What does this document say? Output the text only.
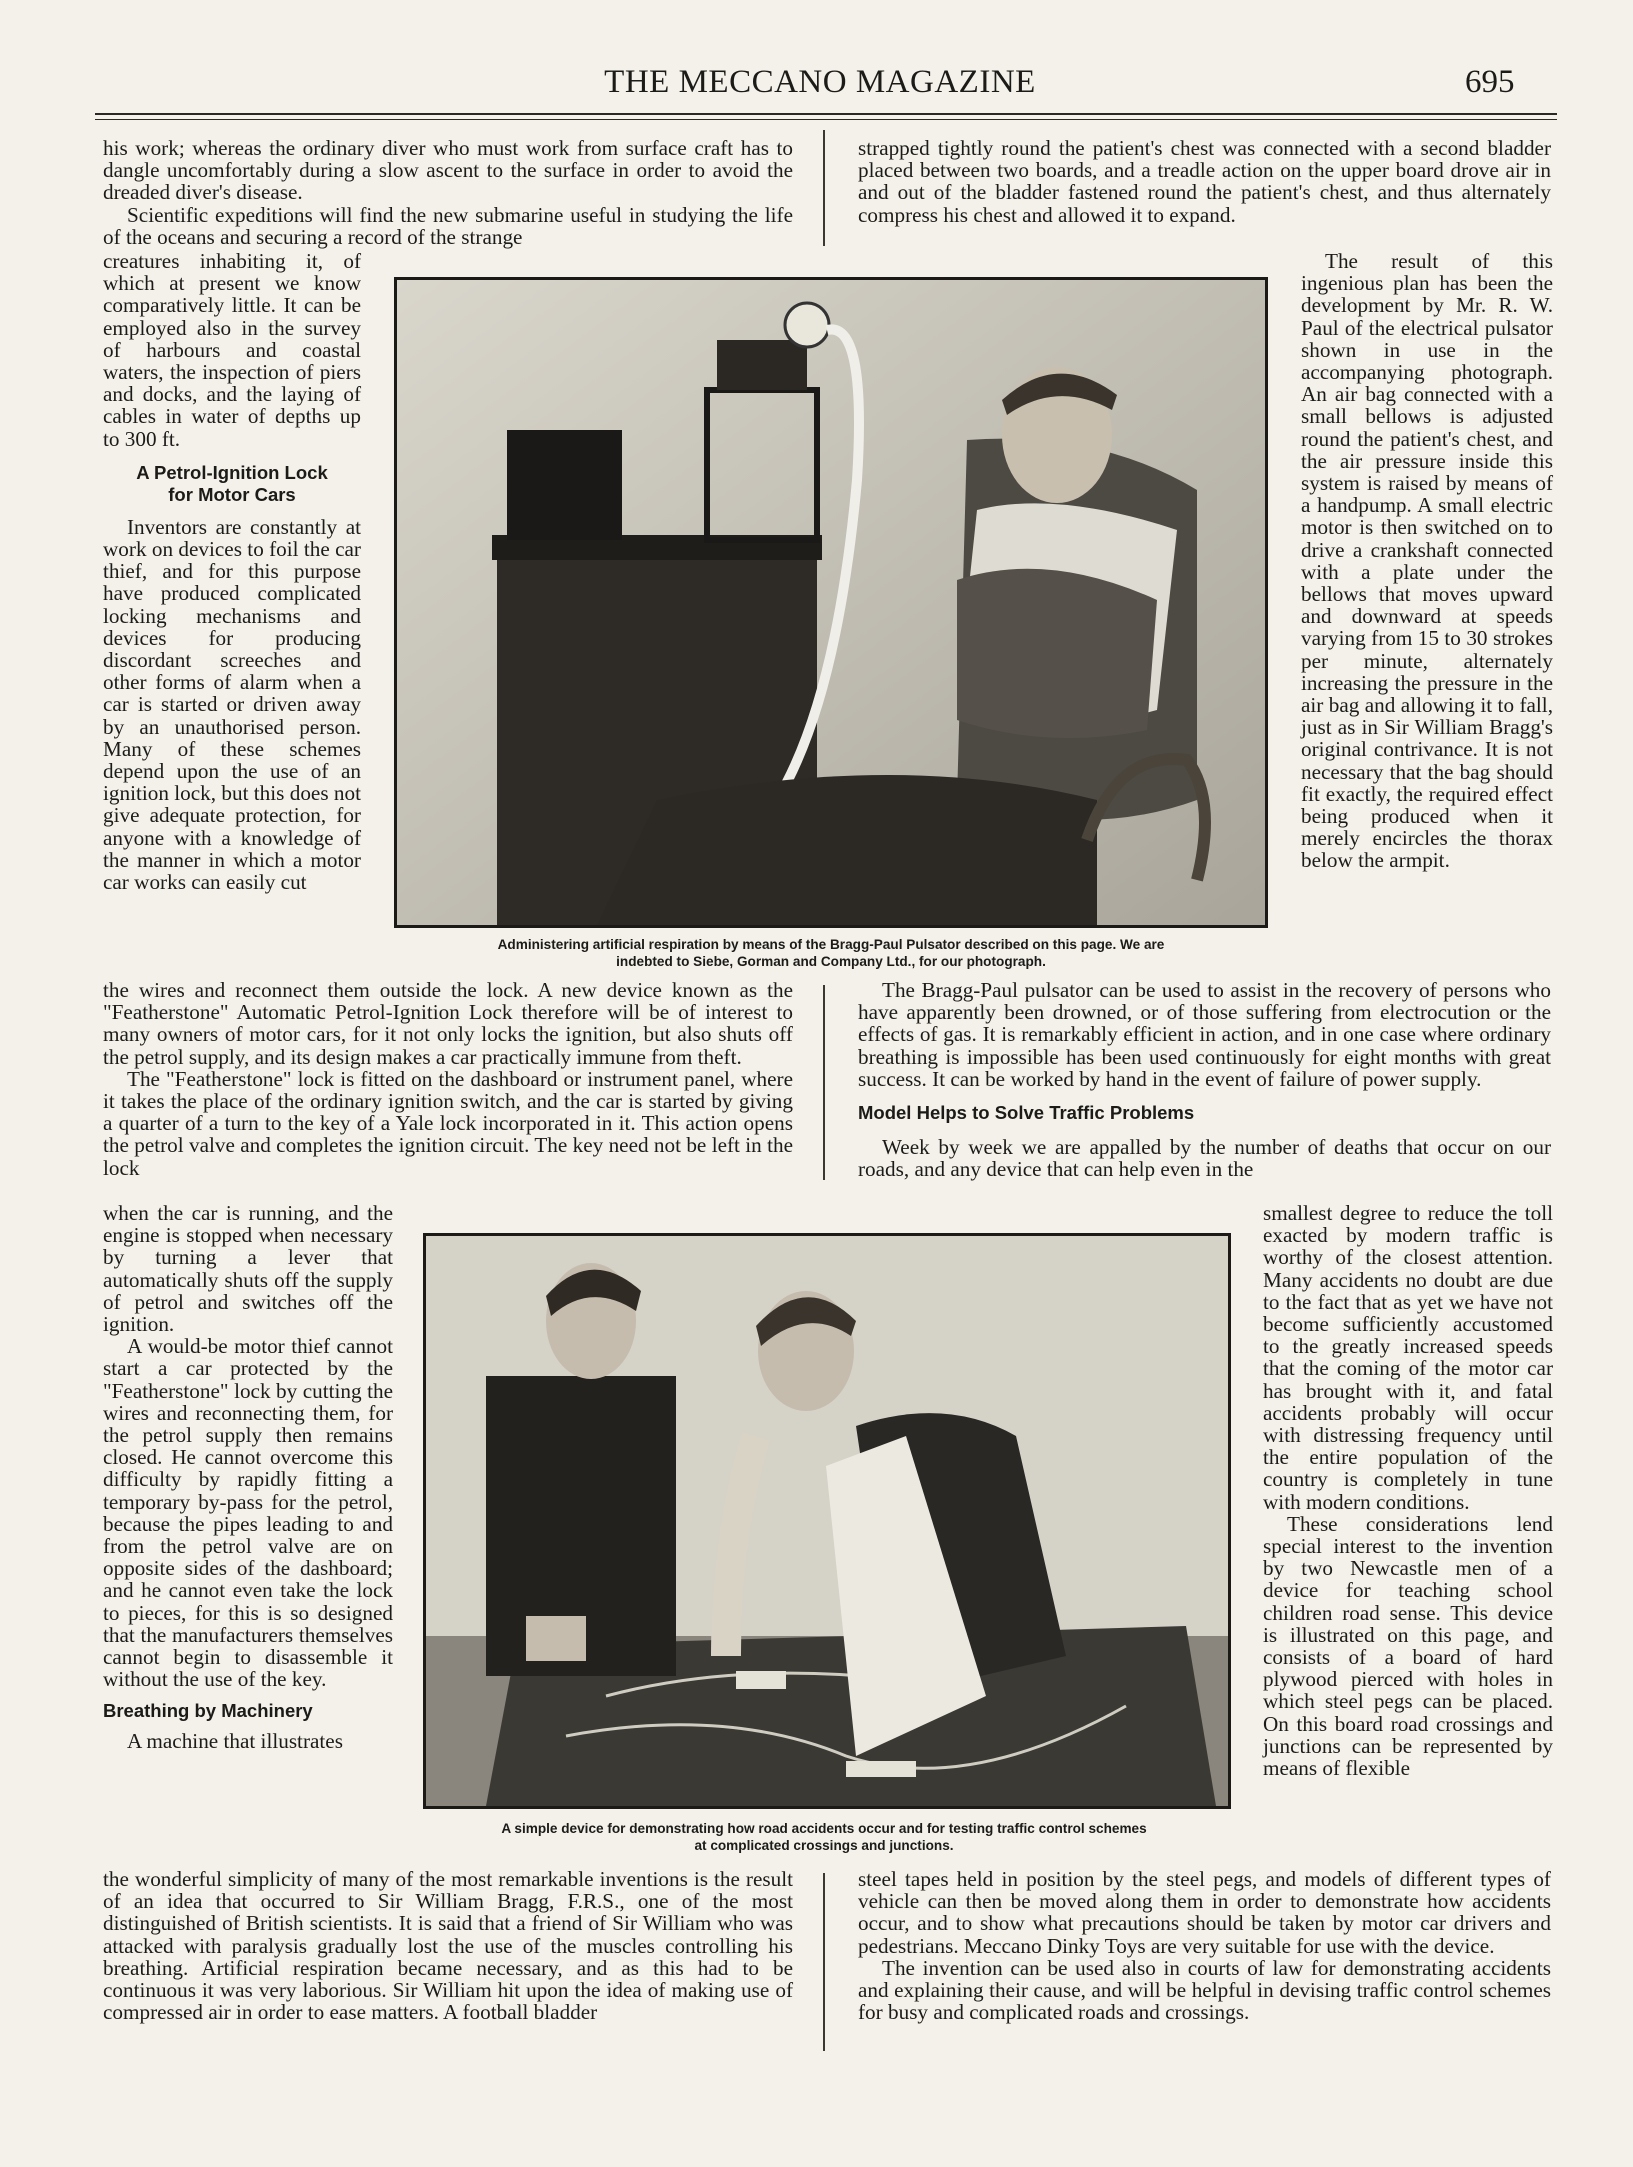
THE MECCANO MAGAZINE	695

his work; whereas the ordinary diver who must work from surface craft has to dangle uncomfortably during a slow ascent to the surface in order to avoid the dreaded diver's disease.

Scientific expeditions will find the new submarine useful in studying the life of the oceans and securing a record of the strange

strapped tightly round the patient's chest was connected with a second bladder placed between two boards, and a treadle action on the upper board drove air in and out of the bladder fastened round the patient's chest, and thus alternately compress his chest and allowed it to expand.

creatures inhabiting it, of which at present we know comparatively little. It can be employed also in the survey of harbours and coastal waters, the inspection of piers and docks, and the laying of cables in water of depths up to 300 ft.

A Petrol-Ignition Lock

for Motor Cars

Inventors are constantly at work on devices to foil the car thief, and for this purpose have produced complicated locking mechanisms and devices for producing discordant screeches and other forms of alarm when a car is started or driven away by an unauthorised person. Many of these schemes depend upon the use of an ignition lock, but this does not give adequate protection, for anyone with a knowledge of the manner in which a motor car works can easily cut

The result of this ingenious plan has been the development by Mr. R. W. Paul of the electrical pulsator shown in use in the accompanying photograph. An air bag connected with a small bellows is adjusted round the patient's chest, and the air pressure inside this system is raised by means of a handpump. A small electric motor is then switched on to drive a crankshaft connected with a plate under the bellows that moves upward and downward at speeds varying from 15 to 30 strokes per minute, alternately increasing the pressure in the air bag and allowing it to fall, just as in Sir William Bragg's original contrivance. It is not necessary that the bag should fit exactly, the required effect being produced when it merely encircles the thorax below the armpit.

Administering artificial respiration by means of the Bragg-Paul Pulsator described on this page. We are
indebted to Siebe, Gorman and Company Ltd., for our photograph.

the wires and reconnect them outside the lock. A new device known as the "Featherstone" Automatic Petrol-Ignition Lock therefore will be of interest to many owners of motor cars, for it not only locks the ignition, but also shuts off the petrol supply, and its design makes a car practically immune from theft.

The "Featherstone" lock is fitted on the dashboard or instrument panel, where it takes the place of the ordinary ignition switch, and the car is started by giving a quarter of a turn to the key of a Yale lock incorporated in it. This action opens the petrol valve and completes the ignition circuit. The key need not be left in the lock

The Bragg-Paul pulsator can be used to assist in the recovery of persons who have apparently been drowned, or of those suffering from electrocution or the effects of gas. It is remarkably efficient in action, and in one case where ordinary breathing is impossible has been used continuously for eight months with great success. It can be worked by hand in the event of failure of power supply.

Model Helps to Solve Traffic Problems

Week by week we are appalled by the number of deaths that occur on our roads, and any device that can help even in the

when the car is running, and the engine is stopped when necessary by turning a lever that automatically shuts off the supply of petrol and switches off the ignition.

A would-be motor thief cannot start a car protected by the "Featherstone" lock by cutting the wires and reconnecting them, for the petrol supply then remains closed. He cannot overcome this difficulty by rapidly fitting a temporary by-pass for the petrol, because the pipes leading to and from the petrol valve are on opposite sides of the dashboard; and he cannot even take the lock to pieces, for this is so designed that the manufacturers themselves cannot begin to disassemble it without the use of the key.

Breathing by Machinery

A machine that illustrates

smallest degree to reduce the toll exacted by modern traffic is worthy of the closest attention. Many accidents no doubt are due to the fact that as yet we have not become sufficiently accustomed to the greatly increased speeds that the coming of the motor car has brought with it, and fatal accidents probably will occur with distressing frequency until the entire population of the country is completely in tune with modern conditions.

These considerations lend special interest to the invention by two Newcastle men of a device for teaching school children road sense. This device is illustrated on this page, and consists of a board of hard plywood pierced with holes in which steel pegs can be placed. On this board road crossings and junctions can be represented by means of flexible

A simple device for demonstrating how road accidents occur and for testing traffic control schemes
at complicated crossings and junctions.

the wonderful simplicity of many of the most remarkable inventions is the result of an idea that occurred to Sir William Bragg, F.R.S., one of the most distinguished of British scientists. It is said that a friend of Sir William who was attacked with paralysis gradually lost the use of the muscles controlling his breathing. Artificial respiration became necessary, and as this had to be continuous it was very laborious. Sir William hit upon the idea of making use of compressed air in order to ease matters. A football bladder

steel tapes held in position by the steel pegs, and models of different types of vehicle can then be moved along them in order to demonstrate how accidents occur, and to show what precautions should be taken by motor car drivers and pedestrians. Meccano Dinky Toys are very suitable for use with the device.

The invention can be used also in courts of law for demonstrating accidents and explaining their cause, and will be helpful in devising traffic control schemes for busy and complicated roads and crossings.
